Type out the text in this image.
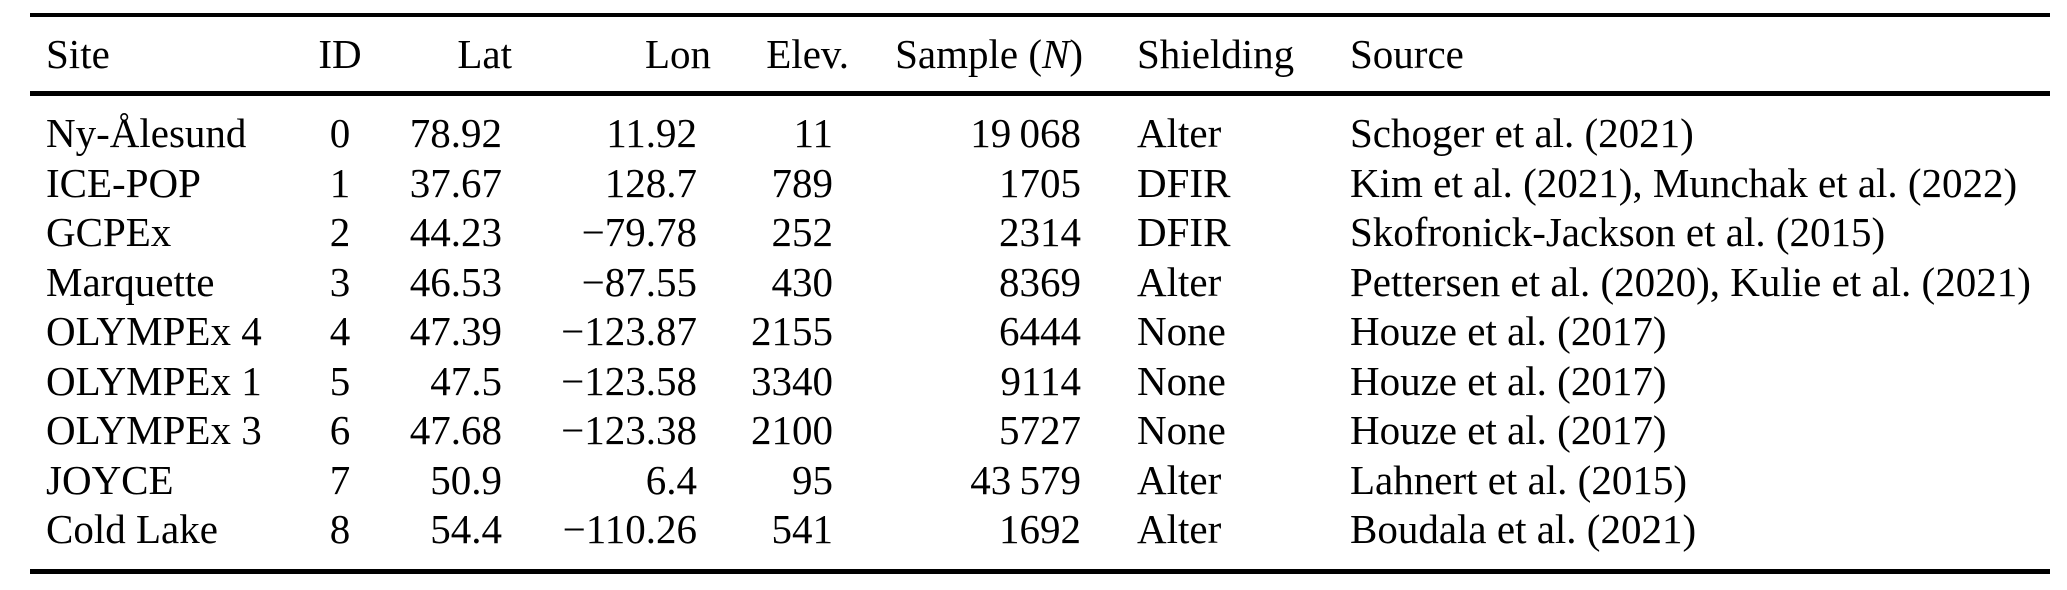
Site	ID	Lat	Lon	Elev.	Sample (N)	Shielding	Source
Ny-Ålesund	0	78.92	11.92	11	19 068	Alter	Schoger et al. (2021)
ICE-POP	1	37.67	128.7	789	1705	DFIR	Kim et al. (2021), Munchak et al. (2022)
GCPEx	2	44.23	−79.78	252	2314	DFIR	Skofronick-Jackson et al. (2015)
Marquette	3	46.53	−87.55	430	8369	Alter	Pettersen et al. (2020), Kulie et al. (2021)
OLYMPEx 4	4	47.39	−123.87	2155	6444	None	Houze et al. (2017)
OLYMPEx 1	5	47.5	−123.58	3340	9114	None	Houze et al. (2017)
OLYMPEx 3	6	47.68	−123.38	2100	5727	None	Houze et al. (2017)
JOYCE	7	50.9	6.4	95	43 579	Alter	Lahnert et al. (2015)
Cold Lake	8	54.4	−110.26	541	1692	Alter	Boudala et al. (2021)
